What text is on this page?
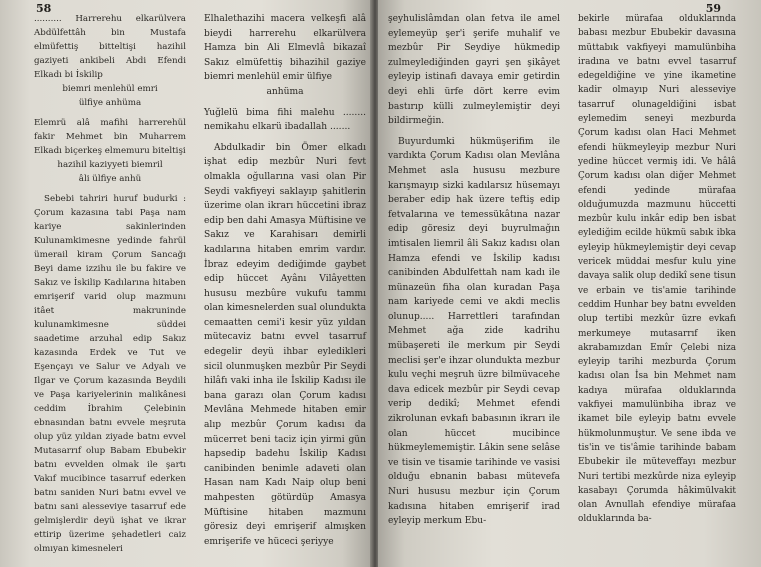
58

.......... Harrerehu elkarülvera Abdülfettâh bin Mustafa elmüfettiş bitteltişi hazihil gaziyeti ankibeli Abdi Efendi Elkadı bi İskilip

biemri menlehül emri

ülfiye anhüma

Elemrü alâ mafihi harrerehül fakir Mehmet bin Muharrem Elkadı biçerkeş elmemuru biteltişi

hazihil kaziyyeti biemril

âli ülfiye anhü

Sebebi tahriri huruf budurki : Çorum kazasına tabi Paşa nam kariye sakinlerinden Kulunamkimesne yedinde fahrül ümerail kiram Çorum Sancağı Beyi dame izzihu ile bu fakire ve Sakız ve İskilip Kadılarına hitaben emrişerif varid olup mazmunı itâet makruninde kulunamkimesne süddei saadetime arzuhal edip Sakız kazasında Erdek ve Tut ve Eşençayı ve Salur ve Adyalı ve Ilgar ve Çorum kazasında Beydili ve Paşa kariyelerinin malikânesi ceddim İbrahim Çelebinin ebnasından batnı evvele meşruta olup yüz yıldan ziyade batnı evvel Mutasarrıf olup Babam Ebubekir batnı evvelden olmak ile şartı Vakıf mucibince tasarruf ederken batnı saniden Nuri batnı evvel ve batnı sani alesseviye tasarruf ede gelmişlerdir deyü işhat ve ikrar ettirip üzerime şehadetleri caiz olmıyan kimesneleri

Elhalethazihi macera velkeşfi alâ bieydi harrerehu elkarülvera Hamza bin Ali Elmevlâ bikazaî Sakız elmüfettiş bihazihil gaziye biemri menlehül emir ülfiye

anhüma

Yuğlelü bima fihi malehu ........ nemikahu elkarü ibadallah .......

Abdulkadir bin Ömer elkadı işhat edip mezbûr Nuri fevt olmakla oğullarına vasi olan Pir Seydi vakfiyeyi saklayıp şahitlerin üzerime olan ikrarı hüccetini ibraz edip ben dahi Amasya Müftisine ve Sakız ve Karahisarı demirli kadılarına hitaben emrim vardır. İbraz edeyim dediğimde gaybet edip hüccet Ayânı Vilâyetten hususu mezbûre vukufu tammı olan kimesnelerden sual olundukta cemaatten cemi'i kesir yüz yıldan mütecaviz batnı evvel tasarruf edegelir deyü ihbar eyledikleri sicil olunmuşken mezbûr Pir Seydi hilâfı vaki inha ile İskilip Kadısı ile bana garazı olan Çorum kadısı Mevlâna Mehmede hitaben emir alıp mezbûr Çorum kadısı da mücerret beni taciz için yirmi gün hapsedip badehu İskilip Kadısı canibinden benimle adaveti olan Hasan nam Kadı Naip olup beni mahpesten götürdüp Amasya Müftisine hitaben mazmunı göresiz deyi emrişerif almışken emrişerife ve hüceci şeriyye

59

şeyhulislâmdan olan fetva ile amel eylemeyüp şer'i şerife muhalif ve mezbûr Pir Seydiye hükmedip zulmeylediğinden gayri şen şikâyet eyleyip istinafi davaya emir getirdin deyi ehli ürfe dört kerre evim bastırıp külli zulmeylemiştir deyi bildirmeğin.

Buyurdumki hükmüşerifim ile vardıkta Çorum Kadısı olan Mevlâna Mehmet asla hususu mezbure karışmayıp sizki kadılarsız hüsemayı beraber edip hak üzere teftiş edip fetvalarına ve temessükâtına nazar edip göresiz deyi buyrulmağın imtisalen liemril âli Sakız kadısı olan Hamza efendi ve İskilip kadısı canibinden Abdulfettah nam kadı ile münazeün fiha olan kuradan Paşa nam kariyede cemi ve akdi meclis olunup..... Harrettleri tarafından Mehmet ağa zide kadrihu mübaşereti ile merkum pir Seydi meclisi şer'e ihzar olundukta mezbur kulu veçhi meşruh üzre bilmüvacehe dava edicek mezbûr pir Seydi cevap verip dedikî; Mehmet efendi zikrolunan evkafı babasının ikrarı ile olan hüccet mucibince hükmeylememiştir. Lâkin sene selâse ve tisin ve tisamie tarihinde ve vasisi olduğu ebnanin babası mütevefa Nuri hususu mezbur için Çorum kadısına hitaben emrişerif irad eyleyip merkum Ebu-

bekirle mürafaa olduklarında babası mezbur Ebubekir davasına müttabık vakfiyeyi mamulünbiha iradına ve batnı evvel tasarruf edegeldiğine ve yine ikametine kadir olmayıp Nuri alesseviye tasarruf olunageldiğini isbat eylemedim seneyi mezburda Çorum kadısı olan Haci Mehmet efendi hükmeyleyip mezbur Nuri yedine hüccet vermiş idi. Ve hâlâ Çorum kadısı olan diğer Mehmet efendi yedinde mürafaa olduğumuzda mazmunu hüccetti mezbûr kulu inkâr edip ben isbat eylediğim ecilde hükmü sabık ibka eyleyip hükmeylemiştir deyi cevap vericek müddai mesfur kulu yine davaya salik olup dedikî sene tisun ve erbain ve tis'amie tarihinde ceddim Hunhar bey batnı evvelden olup tertibi mezkûr üzre evkafı merkumeye mutasarrıf iken akrabamızdan Emîr Çelebi niza eyleyip tarihi mezburda Çorum kadısı olan İsa bin Mehmet nam kadıya mürafaa olduklarında vakfiyei mamulünbiha ibraz ve ikamet bile eyleyip batnı evvele hükmolunmuştur. Ve sene ibda ve tis'in ve tis'âmie tarihinde babam Ebubekir ile müteveffayı mezbur Nuri tertibi mezkûrde niza eyleyip kasabayı Çorumda hâkimülvakit olan Avnullah efendiye mürafaa olduklarında ba-
